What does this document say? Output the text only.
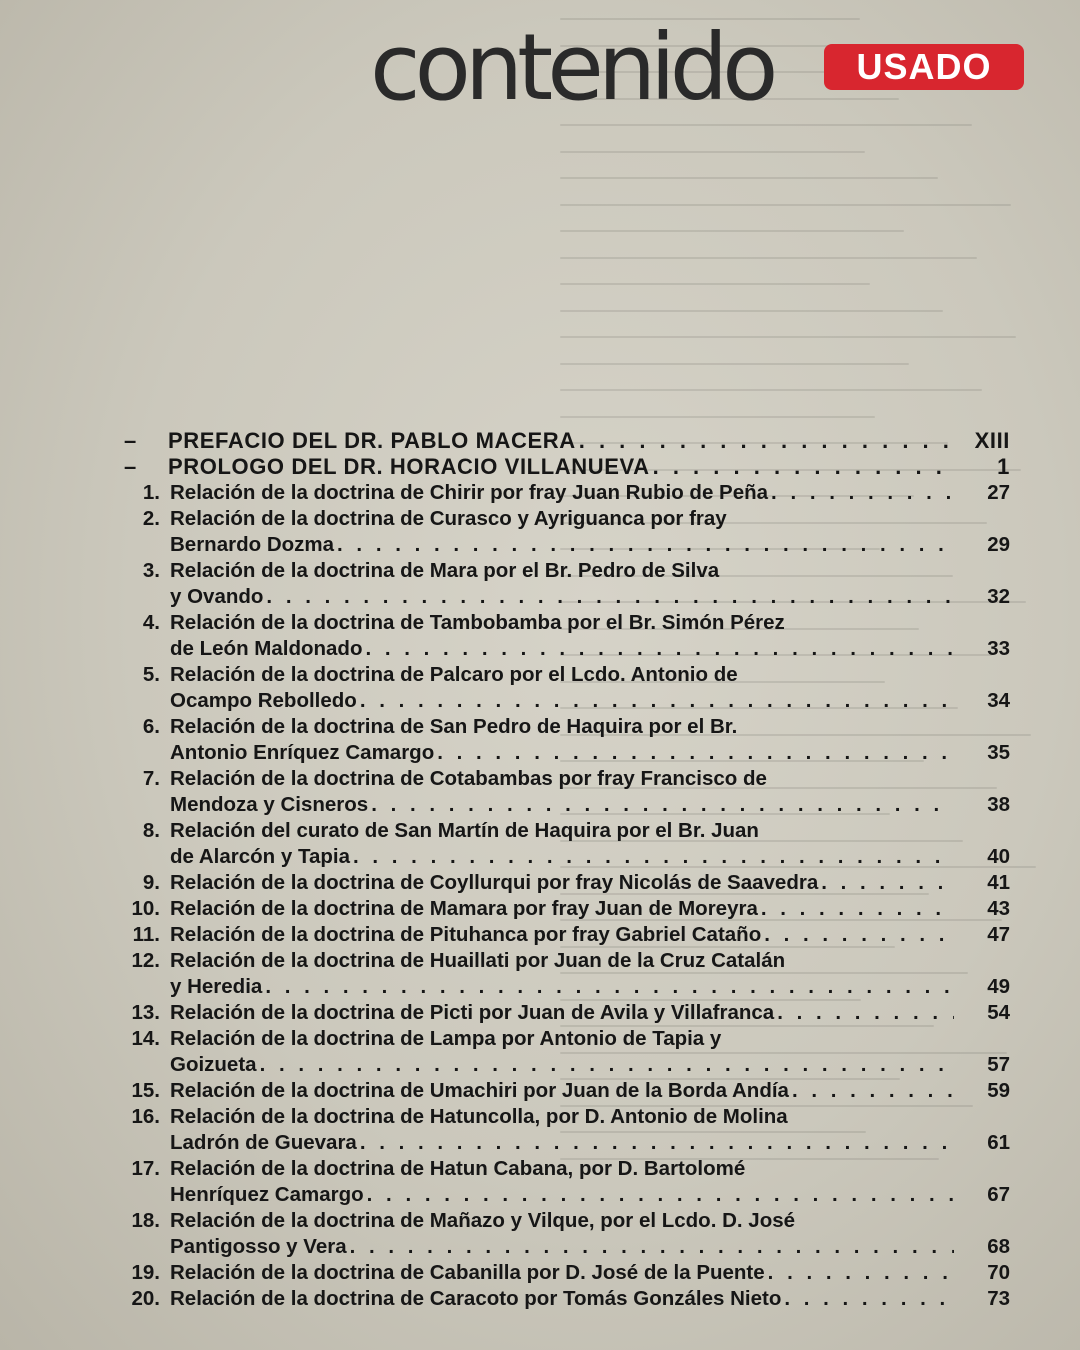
contenido	USADO
–	PREFACIO DEL DR. PABLO MACERA . . .	XIII
–	PROLOGO DEL DR. HORACIO VILLANUEVA . . .	1
1. Relación de la doctrina de Chirir por fray Juan Rubio de Peña . . .	27
2. Relación de la doctrina de Curasco y Ayriguanca por fray
Bernardo Dozma . . .	29
3. Relación de la doctrina de Mara por el Br. Pedro de Silva
y Ovando . . .	32
4. Relación de la doctrina de Tambobamba por el Br. Simón Pérez
de León Maldonado . . .	33
5. Relación de la doctrina de Palcaro por el Lcdo. Antonio de
Ocampo Rebolledo . . .	34
6. Relación de la doctrina de San Pedro de Haquira por el Br.
Antonio Enríquez Camargo . . .	35
7. Relación de la doctrina de Cotabambas por fray Francisco de
Mendoza y Cisneros . . .	38
8. Relación del curato de San Martín de Haquira por el Br. Juan
de Alarcón y Tapia . . .	40
9. Relación de la doctrina de Coyllurqui por fray Nicolás de Saavedra . . .	41
10. Relación de la doctrina de Mamara por fray Juan de Moreyra . . .	43
11. Relación de la doctrina de Pituhanca por fray Gabriel Cataño . . .	47
12. Relación de la doctrina de Huaillati por Juan de la Cruz Catalán
y Heredia . . .	49
13. Relación de la doctrina de Picti por Juan de Avila y Villafranca . . .	54
14. Relación de la doctrina de Lampa por Antonio de Tapia y
Goizueta . . .	57
15. Relación de la doctrina de Umachiri por Juan de la Borda Andía . . .	59
16. Relación de la doctrina de Hatuncolla, por D. Antonio de Molina
Ladrón de Guevara . . .	61
17. Relación de la doctrina de Hatun Cabana, por D. Bartolomé
Henríquez Camargo . . .	67
18. Relación de la doctrina de Mañazo y Vilque, por el Lcdo. D. José
Pantigosso y Vera . . .	68
19. Relación de la doctrina de Cabanilla por D. José de la Puente . . .	70
20. Relación de la doctrina de Caracoto por Tomás Gonzáles Nieto . . .	73
